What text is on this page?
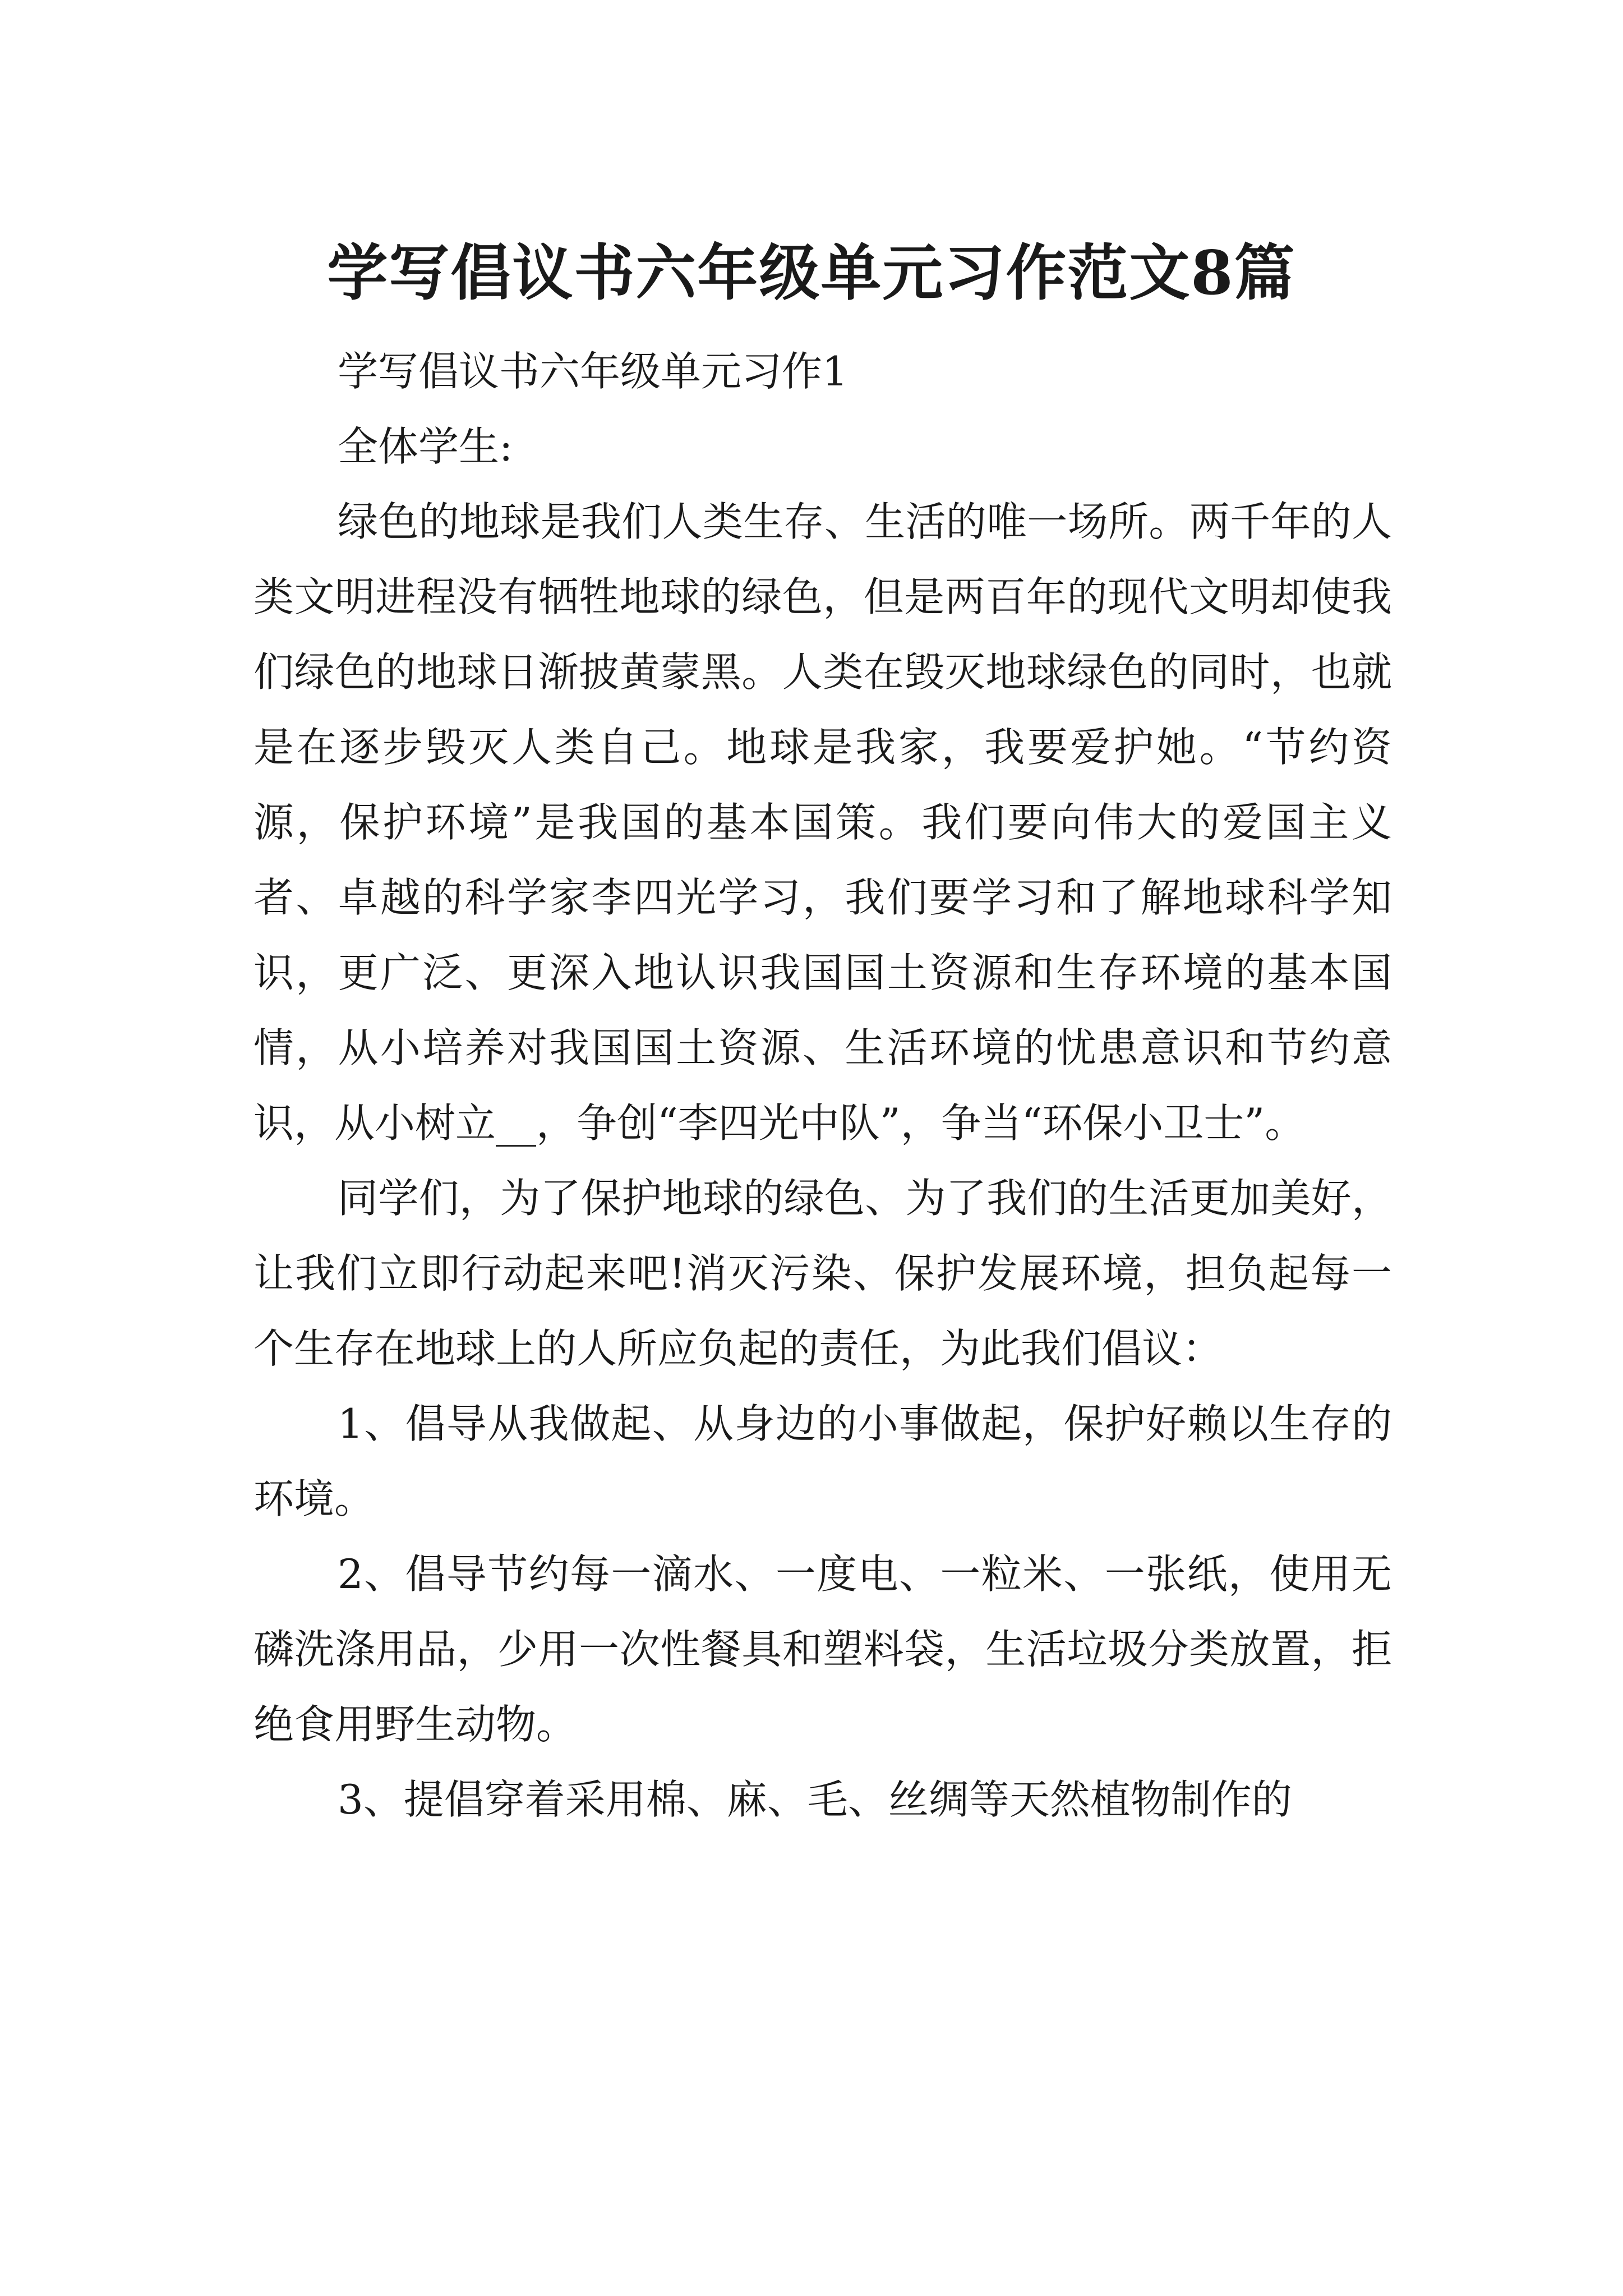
学写倡议书六年级单元习作范文8篇

学写倡议书六年级单元习作1

全体学生:

绿色的地球是我们人类生存、生活的唯一场所。两千年的人类文明进程没有牺牲地球的绿色，但是两百年的现代文明却使我们绿色的地球日渐披黄蒙黑。人类在毁灭地球绿色的同时，也就是在逐步毁灭人类自己。地球是我家，我要爱护她。“节约资源，保护环境”是我国的基本国策。我们要向伟大的爱国主义者、卓越的科学家李四光学习，我们要学习和了解地球科学知识，更广泛、更深入地认识我国国土资源和生存环境的基本国情，从小培养对我国国土资源、生活环境的忧患意识和节约意识，从小树立__，争创“李四光中队”，争当“环保小卫士”。

同学们，为了保护地球的绿色、为了我们的生活更加美好，让我们立即行动起来吧!消灭污染、保护发展环境，担负起每一个生存在地球上的人所应负起的责任，为此我们倡议：

1、倡导从我做起、从身边的小事做起，保护好赖以生存的环境。

2、倡导节约每一滴水、一度电、一粒米、一张纸，使用无磷洗涤用品，少用一次性餐具和塑料袋，生活垃圾分类放置，拒绝食用野生动物。

3、提倡穿着采用棉、麻、毛、丝绸等天然植物制作的
